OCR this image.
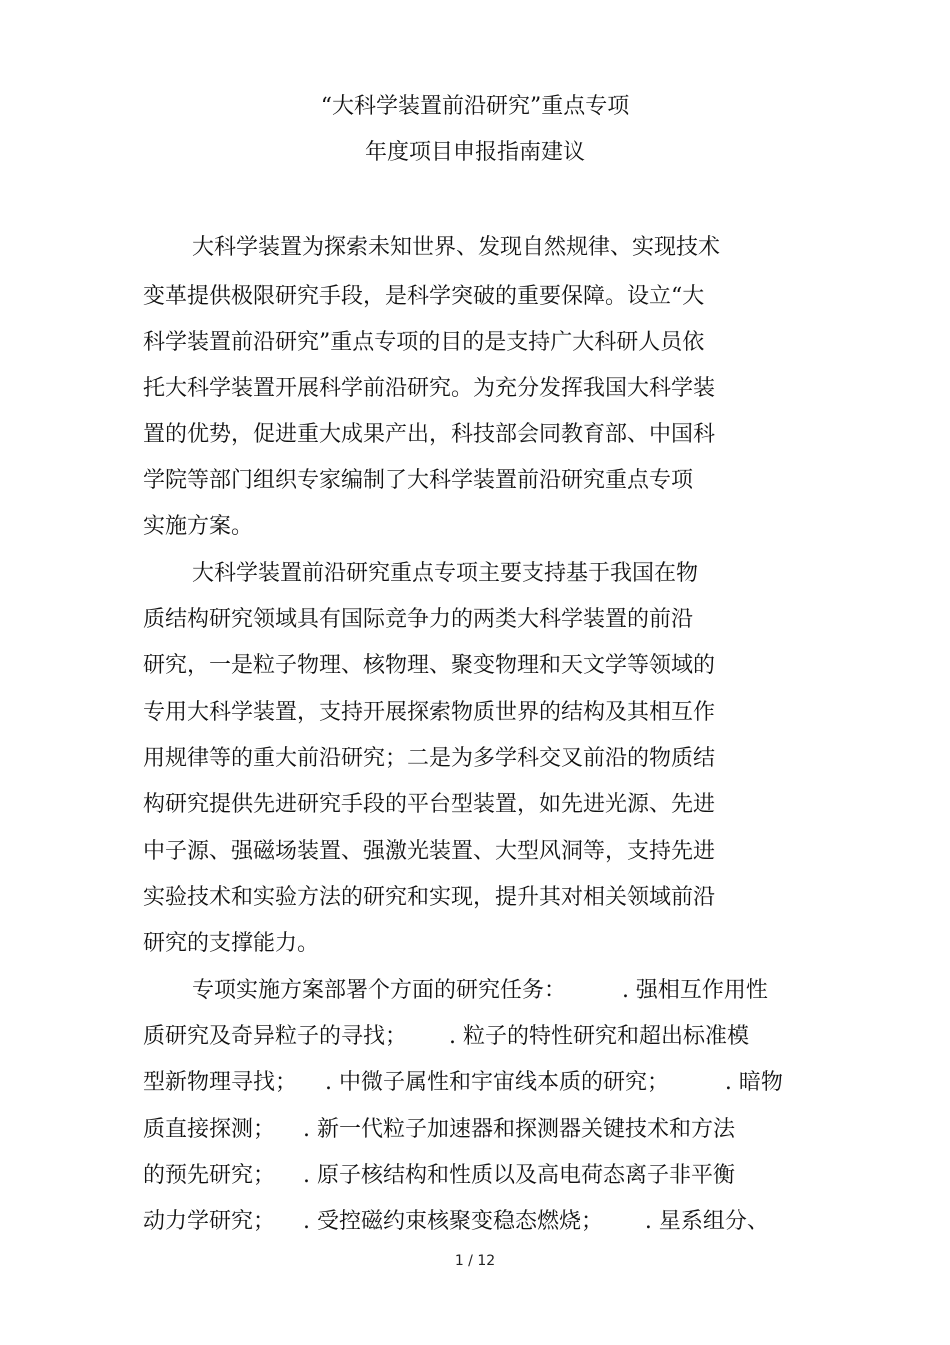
“大科学装置前沿研究”重点专项
年度项目申报指南建议
大科学装置为探索未知世界、发现自然规律、实现技术
变革提供极限研究手段，是科学突破的重要保障。设立“大
科学装置前沿研究”重点专项的目的是支持广大科研人员依
托大科学装置开展科学前沿研究。为充分发挥我国大科学装
置的优势，促进重大成果产出，科技部会同教育部、中国科
学院等部门组织专家编制了大科学装置前沿研究重点专项
实施方案。
大科学装置前沿研究重点专项主要支持基于我国在物
质结构研究领域具有国际竞争力的两类大科学装置的前沿
研究，一是粒子物理、核物理、聚变物理和天文学等领域的
专用大科学装置，支持开展探索物质世界的结构及其相互作
用规律等的重大前沿研究；二是为多学科交叉前沿的物质结
构研究提供先进研究手段的平台型装置，如先进光源、先进
中子源、强磁场装置、强激光装置、大型风洞等，支持先进
实验技术和实验方法的研究和实现，提升其对相关领域前沿
研究的支撑能力。
专项实施方案部署个方面的研究任务：        . 强相互作用性
质研究及奇异粒子的寻找；      . 粒子的特性研究和超出标准模
型新物理寻找；    . 中微子属性和宇宙线本质的研究；        . 暗物
质直接探测；    . 新一代粒子加速器和探测器关键技术和方法
的预先研究；    . 原子核结构和性质以及高电荷态离子非平衡
动力学研究；    . 受控磁约束核聚变稳态燃烧；      . 星系组分、
1 / 12
